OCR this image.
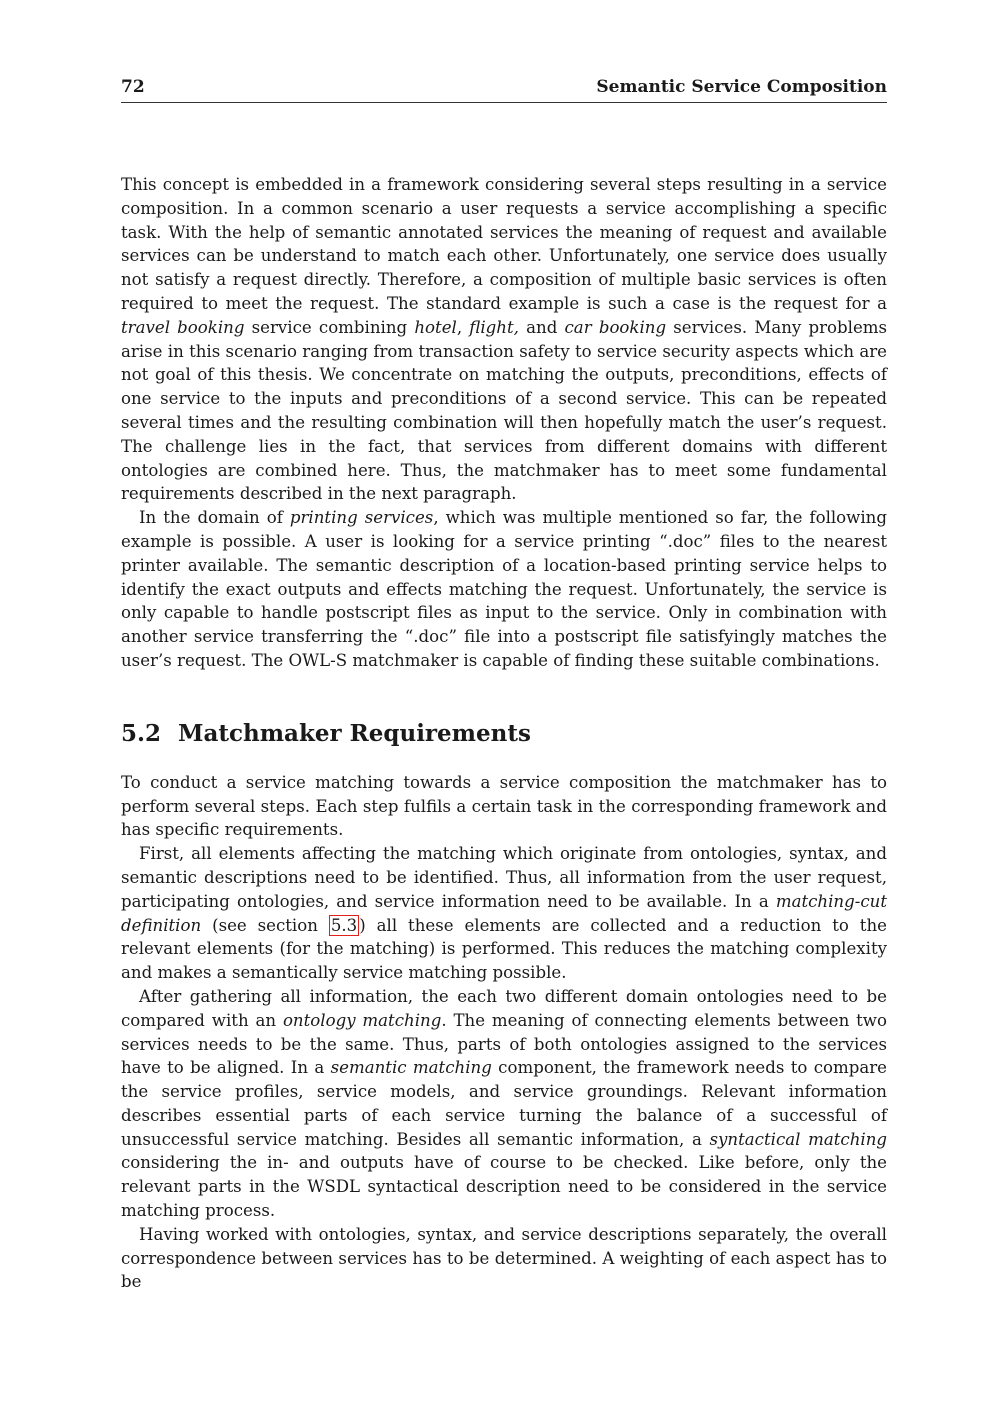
72	Semantic Service Composition

This concept is embedded in a framework considering several steps resulting in a service composition. In a common scenario a user requests a service accomplishing a specific task. With the help of semantic annotated services the meaning of request and available services can be understand to match each other. Unfortunately, one service does usually not satisfy a request directly. Therefore, a composition of multiple basic services is often required to meet the request. The standard example is such a case is the request for a travel booking service combining hotel, flight, and car booking services. Many problems arise in this scenario ranging from transaction safety to service security aspects which are not goal of this thesis. We concentrate on matching the outputs, preconditions, effects of one service to the inputs and preconditions of a second service. This can be repeated several times and the resulting combination will then hopefully match the user’s request. The challenge lies in the fact, that services from different domains with different ontologies are combined here. Thus, the matchmaker has to meet some fundamental requirements described in the next paragraph.

In the domain of printing services, which was multiple mentioned so far, the following example is possible. A user is looking for a service printing “.doc” files to the nearest printer available. The semantic description of a location-based printing service helps to identify the exact outputs and effects matching the request. Unfortunately, the service is only capable to handle postscript files as input to the service. Only in combination with another service transferring the “.doc” file into a postscript file satisfyingly matches the user’s request. The OWL-S matchmaker is capable of finding these suitable combinations.

5.2 Matchmaker Requirements

To conduct a service matching towards a service composition the matchmaker has to perform several steps. Each step fulfils a certain task in the corresponding framework and has specific requirements.

First, all elements affecting the matching which originate from ontologies, syntax, and semantic descriptions need to be identified. Thus, all information from the user request, participating ontologies, and service information need to be available. In a matching-cut definition (see section 5.3 ) all these elements are collected and a reduction to the relevant elements (for the matching) is performed. This reduces the matching complexity and makes a semantically service matching possible.

After gathering all information, the each two different domain ontologies need to be compared with an ontology matching. The meaning of connecting elements between two services needs to be the same. Thus, parts of both ontologies assigned to the services have to be aligned. In a semantic matching component, the framework needs to compare the service profiles, service models, and service groundings. Relevant information describes essential parts of each service turning the balance of a successful of unsuccessful service matching. Besides all semantic information, a syntactical matching considering the in- and outputs have of course to be checked. Like before, only the relevant parts in the WSDL syntactical description need to be considered in the service matching process.

Having worked with ontologies, syntax, and service descriptions separately, the overall correspondence between services has to be determined. A weighting of each aspect has to be
